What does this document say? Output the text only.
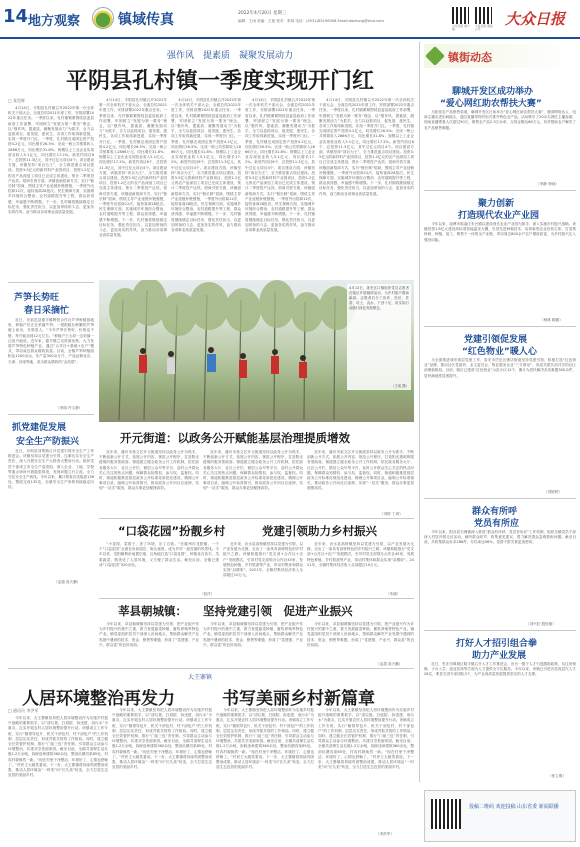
14 地方观察	镇域传真	2022年4月20日 星期三
编辑：王雨 美编：王艳 校对：张明 电话：(0531)85196398 Email:dazhong@sina.com
大众日报 客户端
大众日报 微信公号
大众日报
强作风　提素质　凝聚发展动力
平阴县孔村镇一季度实现开门红
□ 张昊辉

4月14日，平阴县孔村镇召开2022年第一次全体机关干部大会，全面总结2021年度工作，安排部署2022年重点任务。一季度以来，孔村镇紧紧围绕县委县政府工作部署，牢固树立“发展为第一要务”理念，以“强作风、提素质、凝聚发展动力”为抓手，全力以赴抓项目、促发展、惠民生，各项工作取得新进展，实现一季度开门红。一季度，孔村镇完成固定资产投资4.2亿元，同比增长26.5%；完成一般公共预算收入2866万元，同比增长31.8%；规模以上工业企业实现营业收入5.1亿元，同比增长17.2%。新签约项目6个，总投资11.3亿元，其中过亿元项目4个。项目建设方面，该镇坚持“项目为王”，全力推进重点项目建设。投资3.5亿元的新材料产业园项目、投资1.2亿元的农产品深加工项目已完成主体建设，预计二季度投产达效。招商引资方面，该镇创新招商方式，实行“链长制”招商，围绕主导产业延链补链强链，一季度外出招商12次，接待客商28批次。民生保障方面，实施城乡环境综合整治、农村道路提升等工程，群众获得感、幸福感不断增强。下一步，孔村镇将继续锚定目标任务，强化责任担当，以更加昂扬的斗志、更加务实的作风，奋力推动各项事业高质量发展。

4月14日，平阴县孔村镇召开2022年第一次全体机关干部大会，全面总结2021年度工作，安排部署2022年重点任务。一季度以来，孔村镇紧紧围绕县委县政府工作部署，牢固树立“发展为第一要务”理念，以“强作风、提素质、凝聚发展动力”为抓手，全力以赴抓项目、促发展、惠民生，各项工作取得新进展，实现一季度开门红。一季度，孔村镇完成固定资产投资4.2亿元，同比增长26.5%；完成一般公共预算收入2866万元，同比增长31.8%；规模以上工业企业实现营业收入5.1亿元，同比增长17.2%。新签约项目6个，总投资11.3亿元，其中过亿元项目4个。项目建设方面，该镇坚持“项目为王”，全力推进重点项目建设。投资3.5亿元的新材料产业园项目、投资1.2亿元的农产品深加工项目已完成主体建设，预计二季度投产达效。招商引资方面，该镇创新招商方式，实行“链长制”招商，围绕主导产业延链补链强链，一季度外出招商12次，接待客商28批次。民生保障方面，实施城乡环境综合整治、农村道路提升等工程，群众获得感、幸福感不断增强。下一步，孔村镇将继续锚定目标任务，强化责任担当，以更加昂扬的斗志、更加务实的作风，奋力推动各项事业高质量发展。

4月14日，平阴县孔村镇召开2022年第一次全体机关干部大会，全面总结2021年度工作，安排部署2022年重点任务。一季度以来，孔村镇紧紧围绕县委县政府工作部署，牢固树立“发展为第一要务”理念，以“强作风、提素质、凝聚发展动力”为抓手，全力以赴抓项目、促发展、惠民生，各项工作取得新进展，实现一季度开门红。一季度，孔村镇完成固定资产投资4.2亿元，同比增长26.5%；完成一般公共预算收入2866万元，同比增长31.8%；规模以上工业企业实现营业收入5.1亿元，同比增长17.2%。新签约项目6个，总投资11.3亿元，其中过亿元项目4个。项目建设方面，该镇坚持“项目为王”，全力推进重点项目建设。投资3.5亿元的新材料产业园项目、投资1.2亿元的农产品深加工项目已完成主体建设，预计二季度投产达效。招商引资方面，该镇创新招商方式，实行“链长制”招商，围绕主导产业延链补链强链，一季度外出招商12次，接待客商28批次。民生保障方面，实施城乡环境综合整治、农村道路提升等工程，群众获得感、幸福感不断增强。下一步，孔村镇将继续锚定目标任务，强化责任担当，以更加昂扬的斗志、更加务实的作风，奋力推动各项事业高质量发展。

4月14日，平阴县孔村镇召开2022年第一次全体机关干部大会，全面总结2021年度工作，安排部署2022年重点任务。一季度以来，孔村镇紧紧围绕县委县政府工作部署，牢固树立“发展为第一要务”理念，以“强作风、提素质、凝聚发展动力”为抓手，全力以赴抓项目、促发展、惠民生，各项工作取得新进展，实现一季度开门红。一季度，孔村镇完成固定资产投资4.2亿元，同比增长26.5%；完成一般公共预算收入2866万元，同比增长31.8%；规模以上工业企业实现营业收入5.1亿元，同比增长17.2%。新签约项目6个，总投资11.3亿元，其中过亿元项目4个。项目建设方面，该镇坚持“项目为王”，全力推进重点项目建设。投资3.5亿元的新材料产业园项目、投资1.2亿元的农产品深加工项目已完成主体建设，预计二季度投产达效。招商引资方面，该镇创新招商方式，实行“链长制”招商，围绕主导产业延链补链强链，一季度外出招商12次，接待客商28批次。民生保障方面，实施城乡环境综合整治、农村道路提升等工程，群众获得感、幸福感不断增强。下一步，孔村镇将继续锚定目标任务，强化责任担当，以更加昂扬的斗志、更加务实的作风，奋力推动各项事业高质量发展。

4月14日，平阴县孔村镇召开2022年第一次全体机关干部大会，全面总结2021年度工作，安排部署2022年重点任务。一季度以来，孔村镇紧紧围绕县委县政府工作部署，牢固树立“发展为第一要务”理念，以“强作风、提素质、凝聚发展动力”为抓手，全力以赴抓项目、促发展、惠民生，各项工作取得新进展，实现一季度开门红。一季度，孔村镇完成固定资产投资4.2亿元，同比增长26.5%；完成一般公共预算收入2866万元，同比增长31.8%；规模以上工业企业实现营业收入5.1亿元，同比增长17.2%。新签约项目6个，总投资11.3亿元，其中过亿元项目4个。项目建设方面，该镇坚持“项目为王”，全力推进重点项目建设。投资3.5亿元的新材料产业园项目、投资1.2亿元的农产品深加工项目已完成主体建设，预计二季度投产达效。招商引资方面，该镇创新招商方式，实行“链长制”招商，围绕主导产业延链补链强链，一季度外出招商12次，接待客商28批次。民生保障方面，实施城乡环境综合整治、农村道路提升等工程，群众获得感、幸福感不断增强。下一步，孔村镇将继续锚定目标任务，强化责任担当，以更加昂扬的斗志、更加务实的作风，奋力推动各项事业高质量发展。

4月13日，莱芜区口镇组织党员志愿者在辖区开展植树活动，为乡村振兴增添新绿。志愿者们分工协作，挖坑、扶苗、培土、浇水，干劲十足，用实际行动践行绿色发展理念。
（王成 摄）
芦笋长势旺
春日采摘忙

近日，在临邑县德平镇辉恒合作社芦笋种植基地里，种植户们正在采摘芦笋。一根根粗壮鲜嫩的芦笋破土而出，长势喜人。“今年芦笋长势好，价格也不错，每斤能卖到12元左右。”种植户王大叔一边采摘一边高兴地说。近年来，德平镇立足资源优势，大力发展芦笋特色种植产业，通过“合作社+基地+农户”模式，带动周边群众增收致富。目前，全镇芦笋种植面积达1200余亩，年产量300余万斤，产品远销北京、天津、济南等地，成为群众增收的“金疙瘩”。

（李翔 许文静）
抓党建促发展
安全生产防振兴

近日，东阿县刘集镇召开党建引领安全生产工作推进会。该镇坚持以党建为引领，压紧压实安全生产责任，深入开展安全生产大排查大整治行动。组织党员干部成立安全生产巡查组，深入企业、工地、学校等重点场所开展隐患排查，发现问题立行立改，全力守住安全生产底线。今年以来，累计排查各类隐患136处，整改完成132处，全镇安全生产形势持续稳定向好。

（孟超 高天鹏）
开元街道：以政务公开赋能基层治理提质增效

近年来，潍坊市奎文区开元街道坚持以政务公开为抓手，不断创新公开方式，拓展公开内容，规范公开程序，打造阳光透明的服务型政府。街道建立健全政务公开工作机制，依托政务服务大厅、社区公开栏、微信公众号等平台，及时公开群众关心关注的热点问题，保障群众知情权、参与权、监督权。同时，街道积极推进基层政务公开标准化规范化建设，梳理公开事项目录，编制公开标准指引，推动政务公开向社区延伸，实现“一站式”服务，群众办事更加便捷高效。

近年来，潍坊市奎文区开元街道坚持以政务公开为抓手，不断创新公开方式，拓展公开内容，规范公开程序，打造阳光透明的服务型政府。街道建立健全政务公开工作机制，依托政务服务大厅、社区公开栏、微信公众号等平台，及时公开群众关心关注的热点问题，保障群众知情权、参与权、监督权。同时，街道积极推进基层政务公开标准化规范化建设，梳理公开事项目录，编制公开标准指引，推动政务公开向社区延伸，实现“一站式”服务，群众办事更加便捷高效。

近年来，潍坊市奎文区开元街道坚持以政务公开为抓手，不断创新公开方式，拓展公开内容，规范公开程序，打造阳光透明的服务型政府。街道建立健全政务公开工作机制，依托政务服务大厅、社区公开栏、微信公众号等平台，及时公开群众关心关注的热点问题，保障群众知情权、参与权、监督权。同时，街道积极推进基层政务公开标准化规范化建设，梳理公开事项目录，编制公开标准指引，推动政务公开向社区延伸，实现“一站式”服务，群众办事更加便捷高效。

（刘婷 丁涛）
“口袋花园”扮靓乡村	党建引领助力乡村振兴

“小花园、菜园子，美了环境，乐了百姓。”在滕州市龙阳镇，一个个“口袋花园”点缀在房前屋后、街头巷尾，成为乡村一道亮丽的风景线。今年以来，龙阳镇利用闲置空地、边角地打造“口袋花园”，种植花卉苗木、瓜果蔬菜，既美化了人居环境，又方便了群众生活。截至目前，全镇已建成“口袋花园”320余处。

（张洋）

近年来，沂水县高桥镇坚持以党建为引领，以产业发展为支撑，走出了一条具有高桥特色的乡村振兴之路。该镇积极推行“党支部+合作社+农户”发展模式，引导村党支部领办合作社45家，发展特色种植、乡村旅游等产业，带动村集体和群众实现“双增收”。2021年，全镇村集体经济收入全部超过10万元。

近年来，沂水县高桥镇坚持以党建为引领，以产业发展为支撑，走出了一条具有高桥特色的乡村振兴之路。该镇积极推行“党支部+合作社+农户”发展模式，引导村党支部领办合作社45家，发展特色种植、乡村旅游等产业，带动村集体和群众实现“双增收”。2021年，全镇村集体经济收入全部超过10万元。

（朱晓）
莘县朝城镇： 坚持党建引领　促进产业振兴

今年以来，莘县朝城镇坚持以党建为引领，把产业振兴作为乡村振兴的重中之重，着力发展蔬菜种植、畜牧养殖等特色产业。镇党委组织党员干部深入田间地头，帮助群众解决产业发展中遇到的技术、资金、销售等难题，形成了“党建强、产业兴、群众富”的良好局面。

今年以来，莘县朝城镇坚持以党建为引领，把产业振兴作为乡村振兴的重中之重，着力发展蔬菜种植、畜牧养殖等特色产业。镇党委组织党员干部深入田间地头，帮助群众解决产业发展中遇到的技术、资金、销售等难题，形成了“党建强、产业兴、群众富”的良好局面。

今年以来，莘县朝城镇坚持以党建为引领，把产业振兴作为乡村振兴的重中之重，着力发展蔬菜种植、畜牧养殖等特色产业。镇党委组织党员干部深入田间地头，帮助群众解决产业发展中遇到的技术、资金、销售等难题，形成了“党建强、产业兴、群众富”的良好局面。

（孟超 高天鹏）
镇街动态
聊城开发区成功举办
“爱心网红助农帮扶大赛”

为拓宽农产品销售渠道，聊城开发区日前举办“爱心网红助农帮扶大赛”，邀请网络达人、电商主播走进田间地头，通过直播带货的形式推介特色农产品。活动吸引了20余名网红主播参赛，现场直播观看人次超过50万，销售农产品2.3万余单，交易金额达86万元，有效帮助农户解决了农产品销售难题。

（李静 李晓）
聚力创新
打造现代农业产业园

今年以来，淄博市临淄区朱台镇以建设现代农业产业园为抓手，深入实施乡村振兴战略。该镇投资1.8亿元建设高标准智能温室大棚，引进先进种植技术，培育新型农业经营主体，打造集科研、种植、加工、销售于一体的全产业链，带动周边800余户农户增收致富，为乡村振兴注入强劲动能。

（杨林 路鹏）
党建引领促发展
“红色物业”暖人心

为全面推进城市基层党建工作，泰安市岱岳区粥店街道坚持党建引领，积极打造“红色物业”品牌，推动社区党组织、业主委员会、物业服务企业“三方联动”，形成共建共治共享的社区治理新格局。目前，辖区已建成“红色物业”示范小区12个，累计为居民解决各类难题300余件，居民满意度显著提升。

（刘婷婷）
群众有所呼
党员有所应

今年以来，阳谷县石佛镇深入推进“群众有所呼、党员有所应”工作机制，组织全镇党员干部深入村居开展走访活动，倾听群众呼声，收集意见建议，着力解决群众急难愁盼问题。截至目前，共收集群众诉求286件，办结率达98%，党群干群关系更加密切。

（刘兴旺 殷桂敏）
打好人才招引组合拳
助力产业发展

近日，枣庄市峄城区阴平镇召开人才工作推进会，出台一揽子人才引进激励政策，从住房保障、子女入学、创业扶持等方面为人才提供全方位服务。今年以来，该镇已引进各类高层次人才26名，柔性引进专家团队3个，为产业高质量发展提供坚实的人才支撑。

（张立明）
大王寨镇
人居环境整治再发力	书写美丽乡村新篇章
□ 通讯员 李洪军

今年以来，大王寨镇坚持把人居环境整治作为实施乡村振兴战略的重要抓手，以“清垃圾、扫庭院、拆违建、治污水”为重点，扎实开展农村人居环境整治提升行动。该镇成立工作专班，实行“镇领导包片、机关干部包村、村干部包户”的工作机制，层层压实责任，形成齐抓共管的工作格局。同时，建立健全长效管护机制，推行“门前三包”责任制，引导群众主动参与环境整治，共建共享美丽家园。截至目前，全镇共清理生活垃圾1.2万余吨，拆除违章建筑360余处，整治坑塘沟渠85处，村容村貌焕然一新。“现在村里干净整洁，环境好了，心情也舒畅了。”村民王大娘笑着说。下一步，大王寨镇将持续巩固整治成果，推动人居环境由“一时美”向“长久美”转变，全力打造生态宜居的美丽乡村。

今年以来，大王寨镇坚持把人居环境整治作为实施乡村振兴战略的重要抓手，以“清垃圾、扫庭院、拆违建、治污水”为重点，扎实开展农村人居环境整治提升行动。该镇成立工作专班，实行“镇领导包片、机关干部包村、村干部包户”的工作机制，层层压实责任，形成齐抓共管的工作格局。同时，建立健全长效管护机制，推行“门前三包”责任制，引导群众主动参与环境整治，共建共享美丽家园。截至目前，全镇共清理生活垃圾1.2万余吨，拆除违章建筑360余处，整治坑塘沟渠85处，村容村貌焕然一新。“现在村里干净整洁，环境好了，心情也舒畅了。”村民王大娘笑着说。下一步，大王寨镇将持续巩固整治成果，推动人居环境由“一时美”向“长久美”转变，全力打造生态宜居的美丽乡村。

今年以来，大王寨镇坚持把人居环境整治作为实施乡村振兴战略的重要抓手，以“清垃圾、扫庭院、拆违建、治污水”为重点，扎实开展农村人居环境整治提升行动。该镇成立工作专班，实行“镇领导包片、机关干部包村、村干部包户”的工作机制，层层压实责任，形成齐抓共管的工作格局。同时，建立健全长效管护机制，推行“门前三包”责任制，引导群众主动参与环境整治，共建共享美丽家园。截至目前，全镇共清理生活垃圾1.2万余吨，拆除违章建筑360余处，整治坑塘沟渠85处，村容村貌焕然一新。“现在村里干净整洁，环境好了，心情也舒畅了。”村民王大娘笑着说。下一步，大王寨镇将持续巩固整治成果，推动人居环境由“一时美”向“长久美”转变，全力打造生态宜居的美丽乡村。

今年以来，大王寨镇坚持把人居环境整治作为实施乡村振兴战略的重要抓手，以“清垃圾、扫庭院、拆违建、治污水”为重点，扎实开展农村人居环境整治提升行动。该镇成立工作专班，实行“镇领导包片、机关干部包村、村干部包户”的工作机制，层层压实责任，形成齐抓共管的工作格局。同时，建立健全长效管护机制，推行“门前三包”责任制，引导群众主动参与环境整治，共建共享美丽家园。截至目前，全镇共清理生活垃圾1.2万余吨，拆除违章建筑360余处，整治坑塘沟渠85处，村容村貌焕然一新。“现在村里干净整洁，环境好了，心情也舒畅了。”村民王大娘笑着说。下一步，大王寨镇将持续巩固整治成果，推动人居环境由“一时美”向“长久美”转变，全力打造生态宜居的美丽乡村。

（李洪军）
投稿二维码 欢迎投稿 山东省委 新闻联播
